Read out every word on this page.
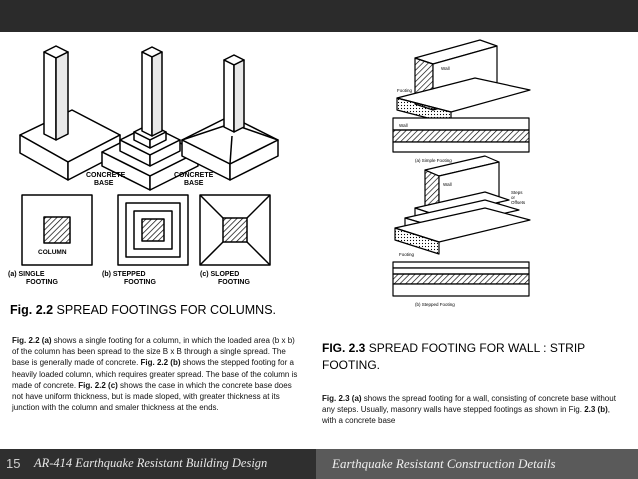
CONCRETE
BASE
CONCRETE
BASE
COLUMN
(a) SINGLE
FOOTING
(b) STEPPED
FOOTING
(c) SLOPED
FOOTING
Fig. 2.2 SPREAD FOOTINGS FOR COLUMNS.
Fig. 2.2 (a) shows a single footing for a column, in which the loaded area (b x b) of the column has been spread to the size B x B through a single spread. The base is generally made of concrete. Fig. 2.2 (b) shows the stepped footing for a heavily loaded column, which requires greater spread. The base of the column is made of concrete. Fig. 2.2 (c) shows the case in which the concrete base does not have uniform thickness, but is made sloped, with greater thickness at its junction with the column and smaler thickness at the ends.
Wall
Footing
Wall
(a) Simple Footing
Wall
Steps
or
Offsets
Footing
(b) Stepped Footing
FIG. 2.3 SPREAD FOOTING FOR WALL : STRIP FOOTING.
Fig. 2.3 (a) shows the spread footing for a wall, consisting of concrete base without any steps. Usually, masonry walls have stepped footings as shown in Fig. 2.3 (b), with a concrete base
15 AR-414 Earthquake Resistant Building Design	Earthquake Resistant Construction Details
